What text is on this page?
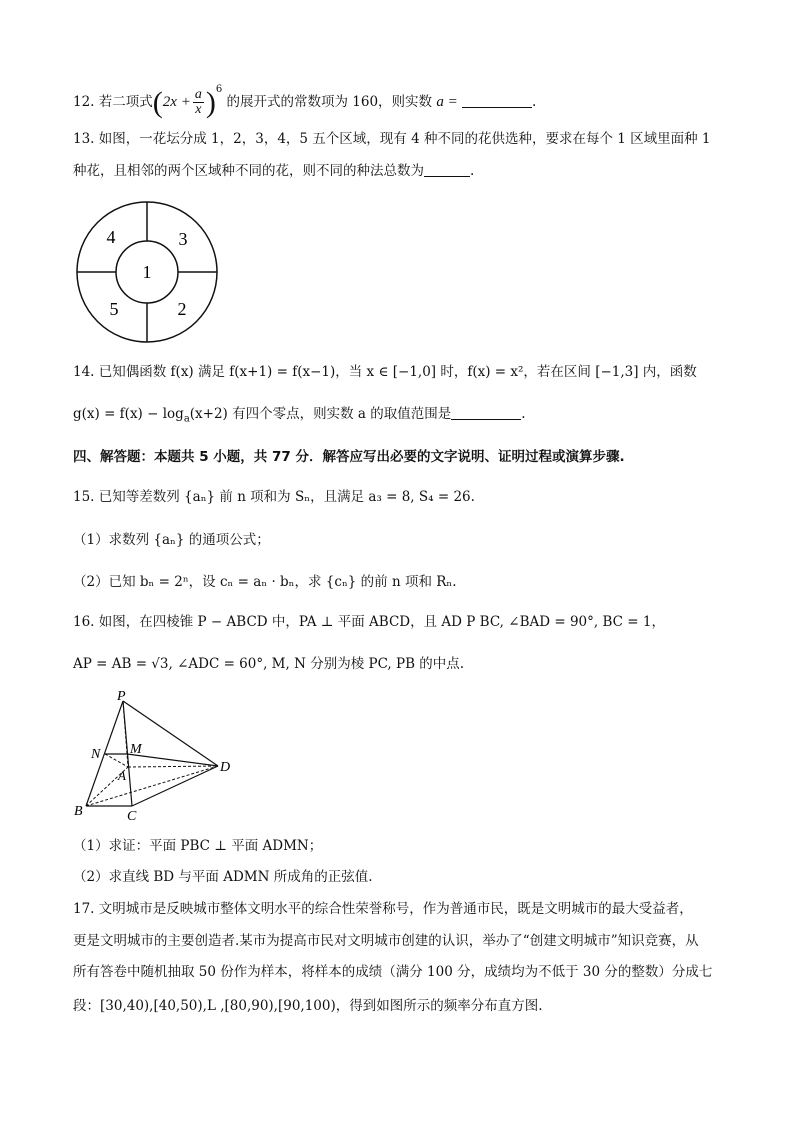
12. 若二项式$(2x + \frac{a}{x} )^6$ 的展开式的常数项为 160，则实数 a =	.
13. 如图，一花坛分成 1，2，3，4，5 五个区域，现有 4 种不同的花供选种，要求在每个 1 区域里面种 1
种花，且相邻的两个区域种不同的花，则不同的种法总数为	.
1
2
3
4
5
14. 已知偶函数 f(x) 满足 f(x+1) = f(x−1)，当 x ∈ [−1,0] 时，f(x) = x²，若在区间 [−1,3] 内，函数
$g(x) = f(x) - \log_a(x+2)$ 有四个零点，则实数 a 的取值范围是	.
四、解答题：本题共 5 小题，共 77 分．解答应写出必要的文字说明、证明过程或演算步骤.
15. 已知等差数列 {aₙ} 前 n 项和为 Sₙ，且满足 a₃ = 8, S₄ = 26.
（1）求数列 {aₙ} 的通项公式；
（2）已知 bₙ = 2ⁿ，设 cₙ = aₙ · bₙ，求 {cₙ} 的前 n 项和 Rₙ.
16. 如图，在四棱锥 P − ABCD 中，PA ⊥ 平面 ABCD，且 AD P BC, ∠BAD = 90°, BC = 1，
AP = AB = √3, ∠ADC = 60°, M, N 分别为棱 PC, PB 的中点.
P
N M
A
D
B	C
（1）求证：平面 PBC ⊥ 平面 ADMN；
（2）求直线 BD 与平面 ADMN 所成角的正弦值.
17. 文明城市是反映城市整体文明水平的综合性荣誉称号，作为普通市民，既是文明城市的最大受益者，
更是文明城市的主要创造者.某市为提高市民对文明城市创建的认识，举办了“创建文明城市”知识竞赛，从
所有答卷中随机抽取 50 份作为样本，将样本的成绩（满分 100 分，成绩均为不低于 30 分的整数）分成七
段：[30,40),[40,50),L ,[80,90),[90,100)，得到如图所示的频率分布直方图.
